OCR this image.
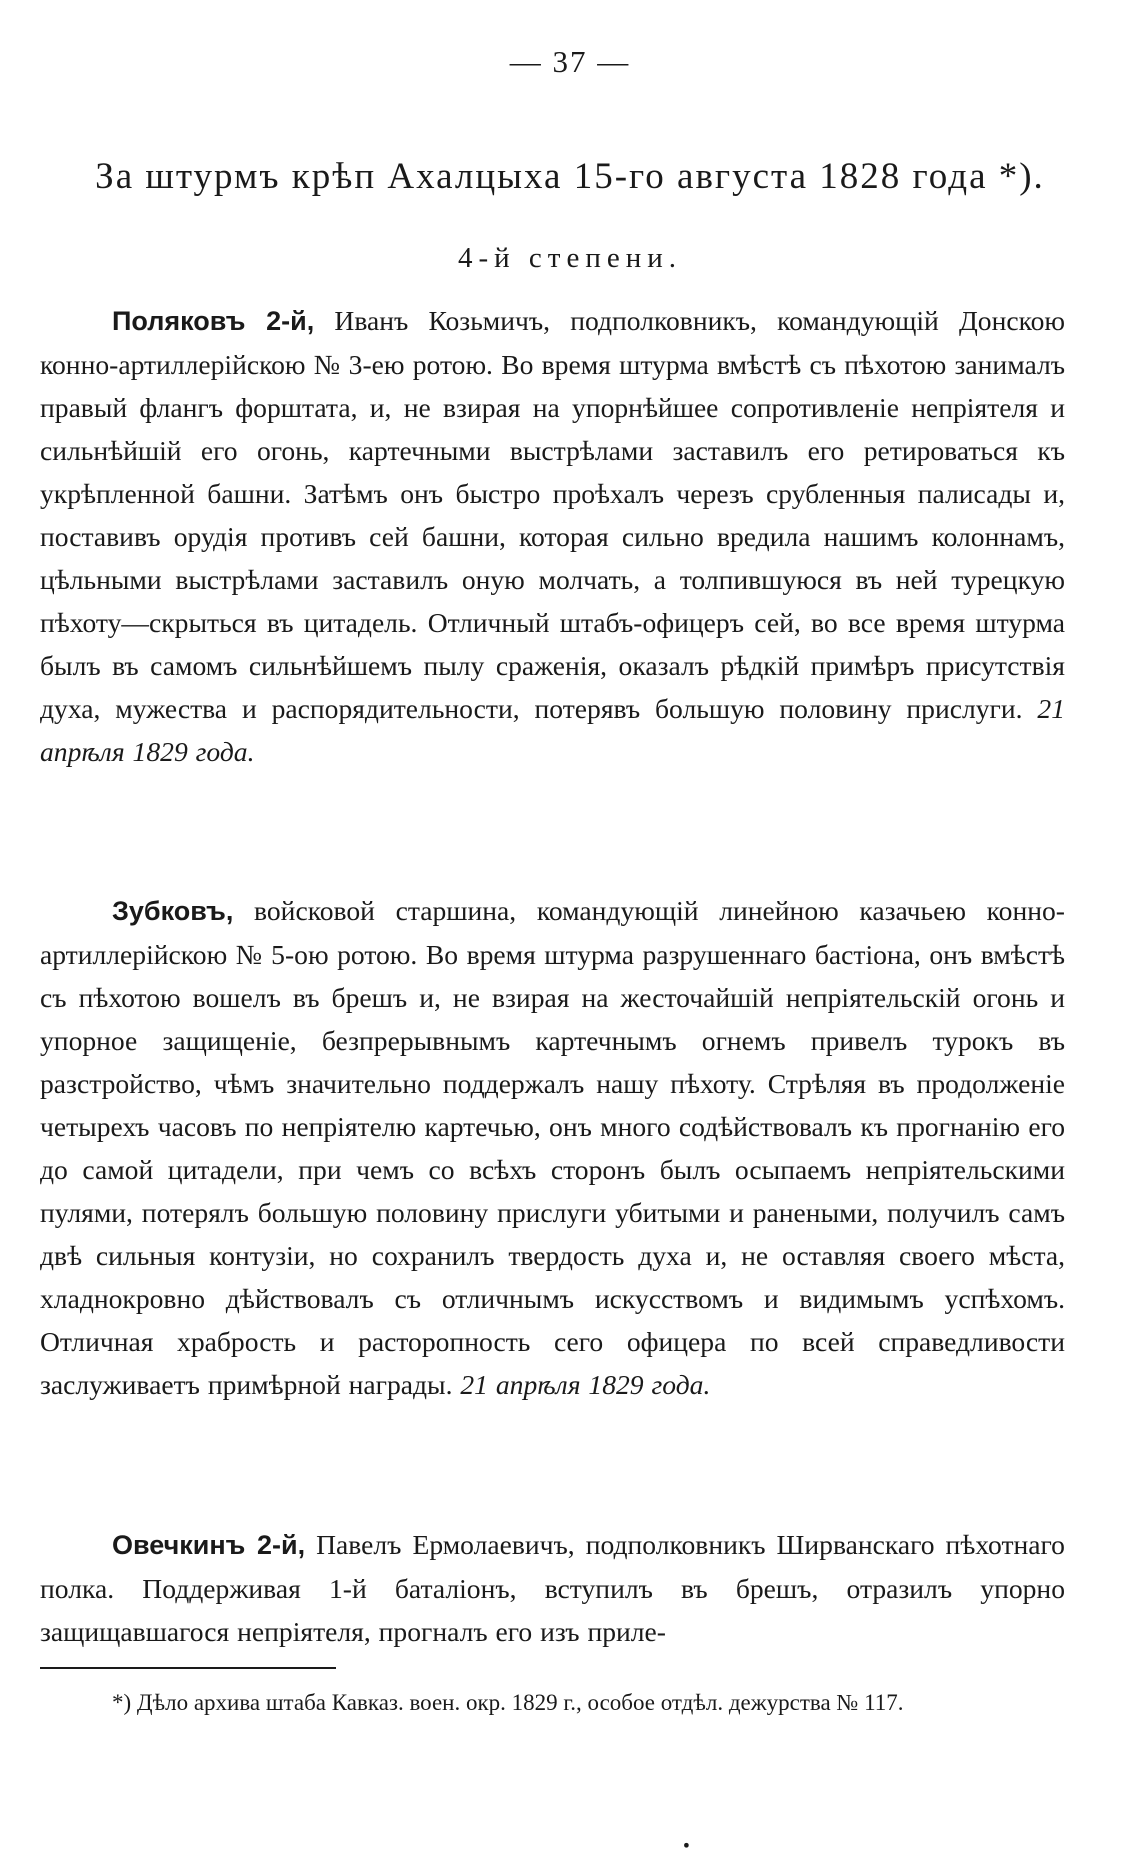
— 37 —
За штурмъ крѣп Ахалцыха 15-го августа 1828 года *).
4-й степени.

Поляковъ 2-й, Иванъ Козьмичъ, подполковникъ, командующій Донскою конно-артиллерійскою № 3-ею ротою. Во время штурма вмѣстѣ съ пѣхотою занималъ правый флангъ форштата, и, не взирая на упорнѣйшее сопротивленіе непріятеля и сильнѣйшій его огонь, картечными выстрѣлами заставилъ его ретироваться къ укрѣпленной башни. Затѣмъ онъ быстро проѣхалъ черезъ срубленныя палисады и, поставивъ орудія противъ сей башни, которая сильно вредила нашимъ колоннамъ, цѣльными выстрѣлами заставилъ оную молчать, а толпившуюся въ ней турецкую пѣхоту—скрыться въ цитадель. Отличный штабъ-офицеръ сей, во все время штурма былъ въ самомъ сильнѣйшемъ пылу сраженія, оказалъ рѣдкій примѣръ присутствія духа, мужества и распорядительности, потерявъ большую половину прислуги. 21 апрѣля 1829 года.

Зубковъ, войсковой старшина, командующій линейною казачьею конно-артиллерійскою № 5-ою ротою. Во время штурма разрушеннаго бастіона, онъ вмѣстѣ съ пѣхотою вошелъ въ брешъ и, не взирая на жесточайшій непріятельскій огонь и упорное защищеніе, безпрерывнымъ картечнымъ огнемъ привелъ турокъ въ разстройство, чѣмъ значительно поддержалъ нашу пѣхоту. Стрѣляя въ продолженіе четырехъ часовъ по непріятелю картечью, онъ много содѣйствовалъ къ прогнанію его до самой цитадели, при чемъ со всѣхъ сторонъ былъ осыпаемъ непріятельскими пулями, потерялъ большую половину прислуги убитыми и ранеными, получилъ самъ двѣ сильныя контузіи, но сохранилъ твердость духа и, не оставляя своего мѣста, хладнокровно дѣйствовалъ съ отличнымъ искусствомъ и видимымъ успѣхомъ. Отличная храбрость и расторопность сего офицера по всей справедливости заслуживаетъ примѣрной награды. 21 апрѣля 1829 года.

Овечкинъ 2-й, Павелъ Ермолаевичъ, подполковникъ Ширванскаго пѣхотнаго полка. Поддерживая 1-й баталіонъ, вступилъ въ брешъ, отразилъ упорно защищавшагося непріятеля, прогналъ его изъ приле-

*) Дѣло архива штаба Кавказ. воен. окр. 1829 г., особое отдѣл. дежурства № 117.

ꞏ
